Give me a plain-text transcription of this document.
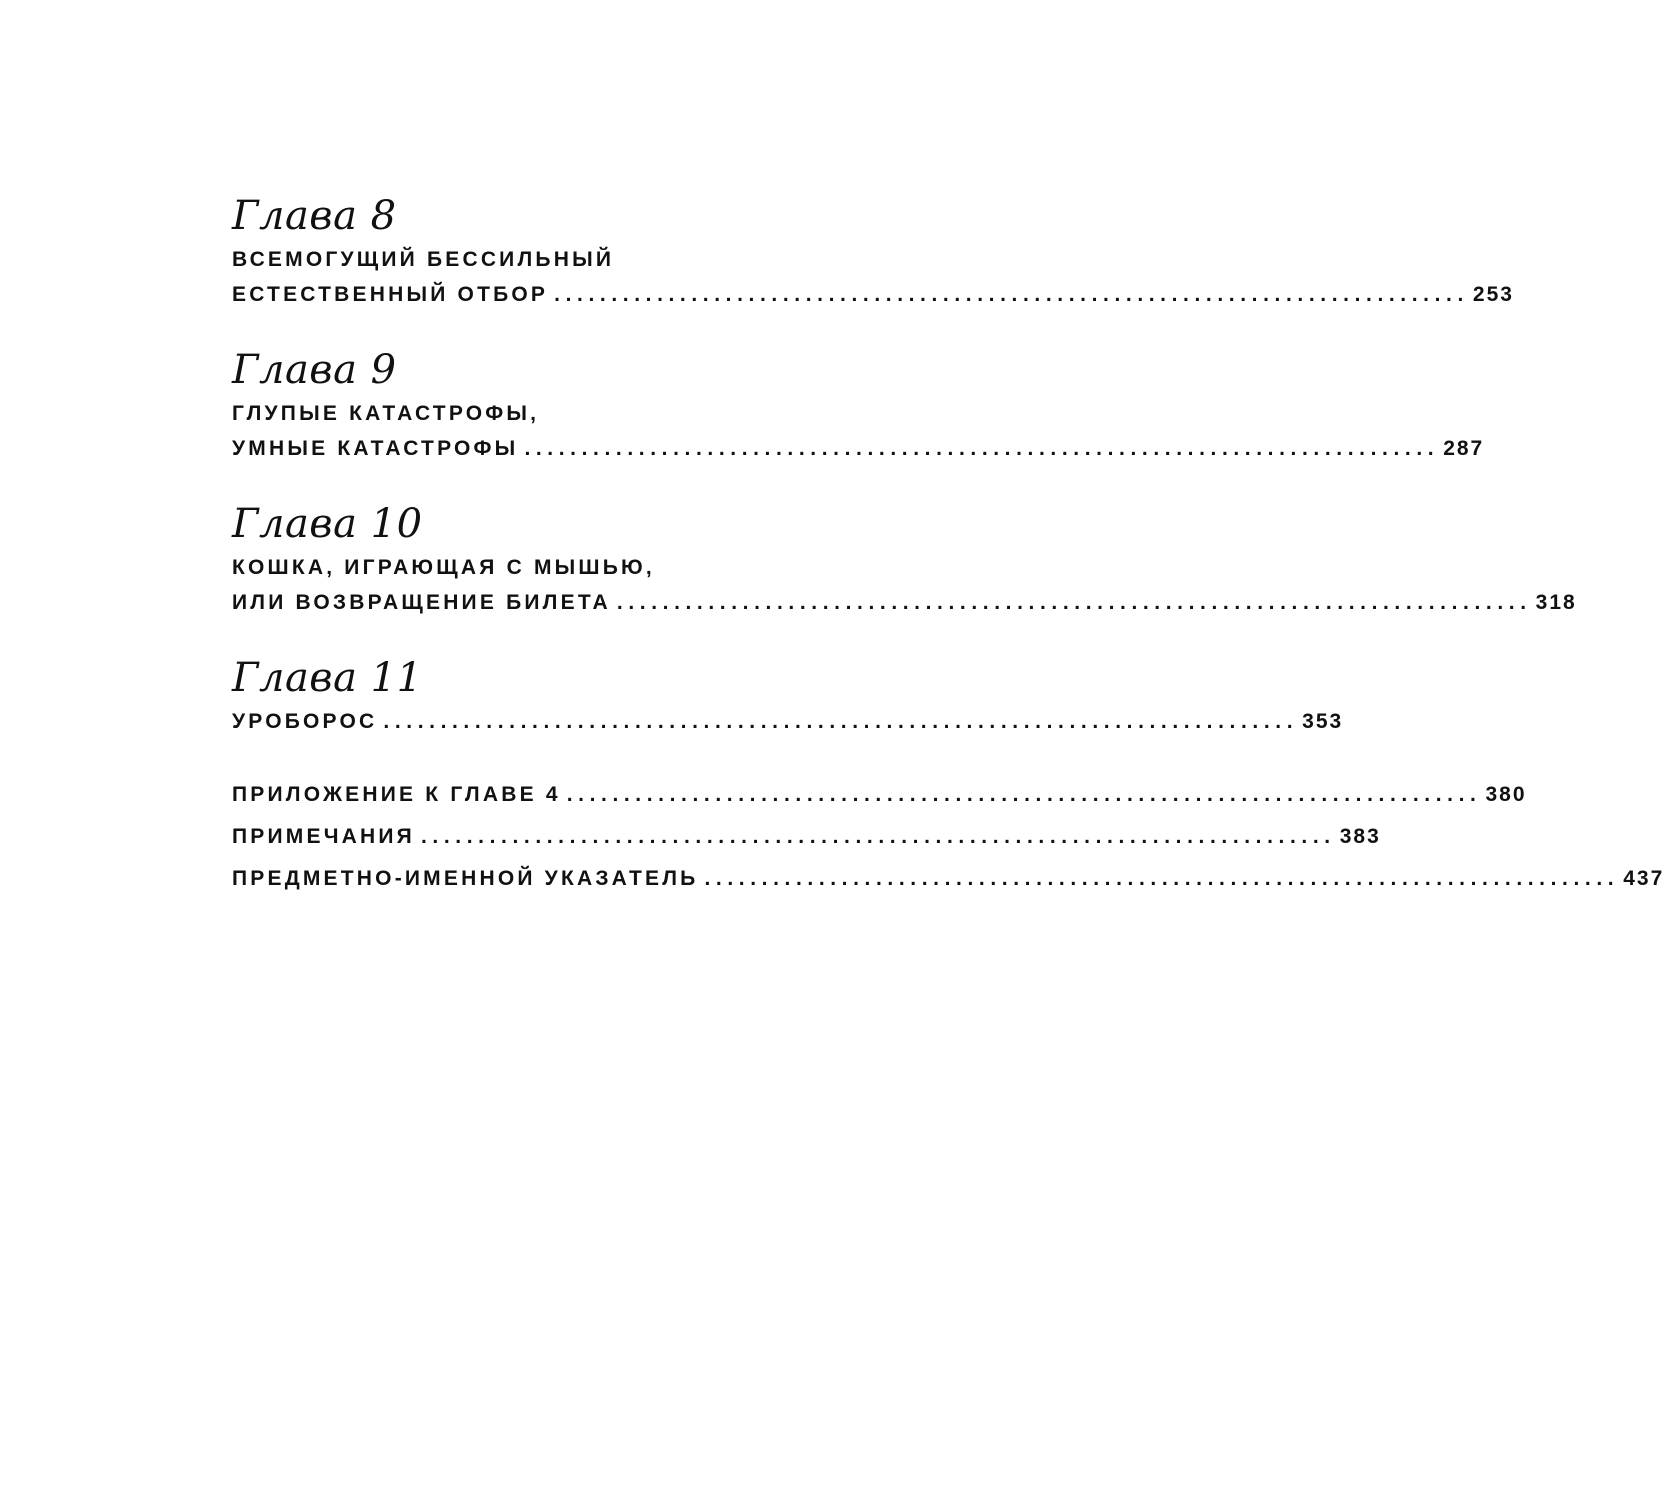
Глава 8
ВСЕМОГУЩИЙ БЕССИЛЬНЫЙ
ЕСТЕСТВЕННЫЙ ОТБОР ................................................................................ 253
Глава 9
ГЛУПЫЕ КАТАСТРОФЫ,
УМНЫЕ КАТАСТРОФЫ ................................................................................ 287
Глава 10
КОШКА, ИГРАЮЩАЯ С МЫШЬЮ,
ИЛИ ВОЗВРАЩЕНИЕ БИЛЕТА ................................................................................ 318
Глава 11
УРОБОРОС ................................................................................ 353
ПРИЛОЖЕНИЕ К ГЛАВЕ 4 ................................................................................ 380
ПРИМЕЧАНИЯ ................................................................................ 383
ПРЕДМЕТНО-ИМЕННОЙ УКАЗАТЕЛЬ ................................................................................ 437
